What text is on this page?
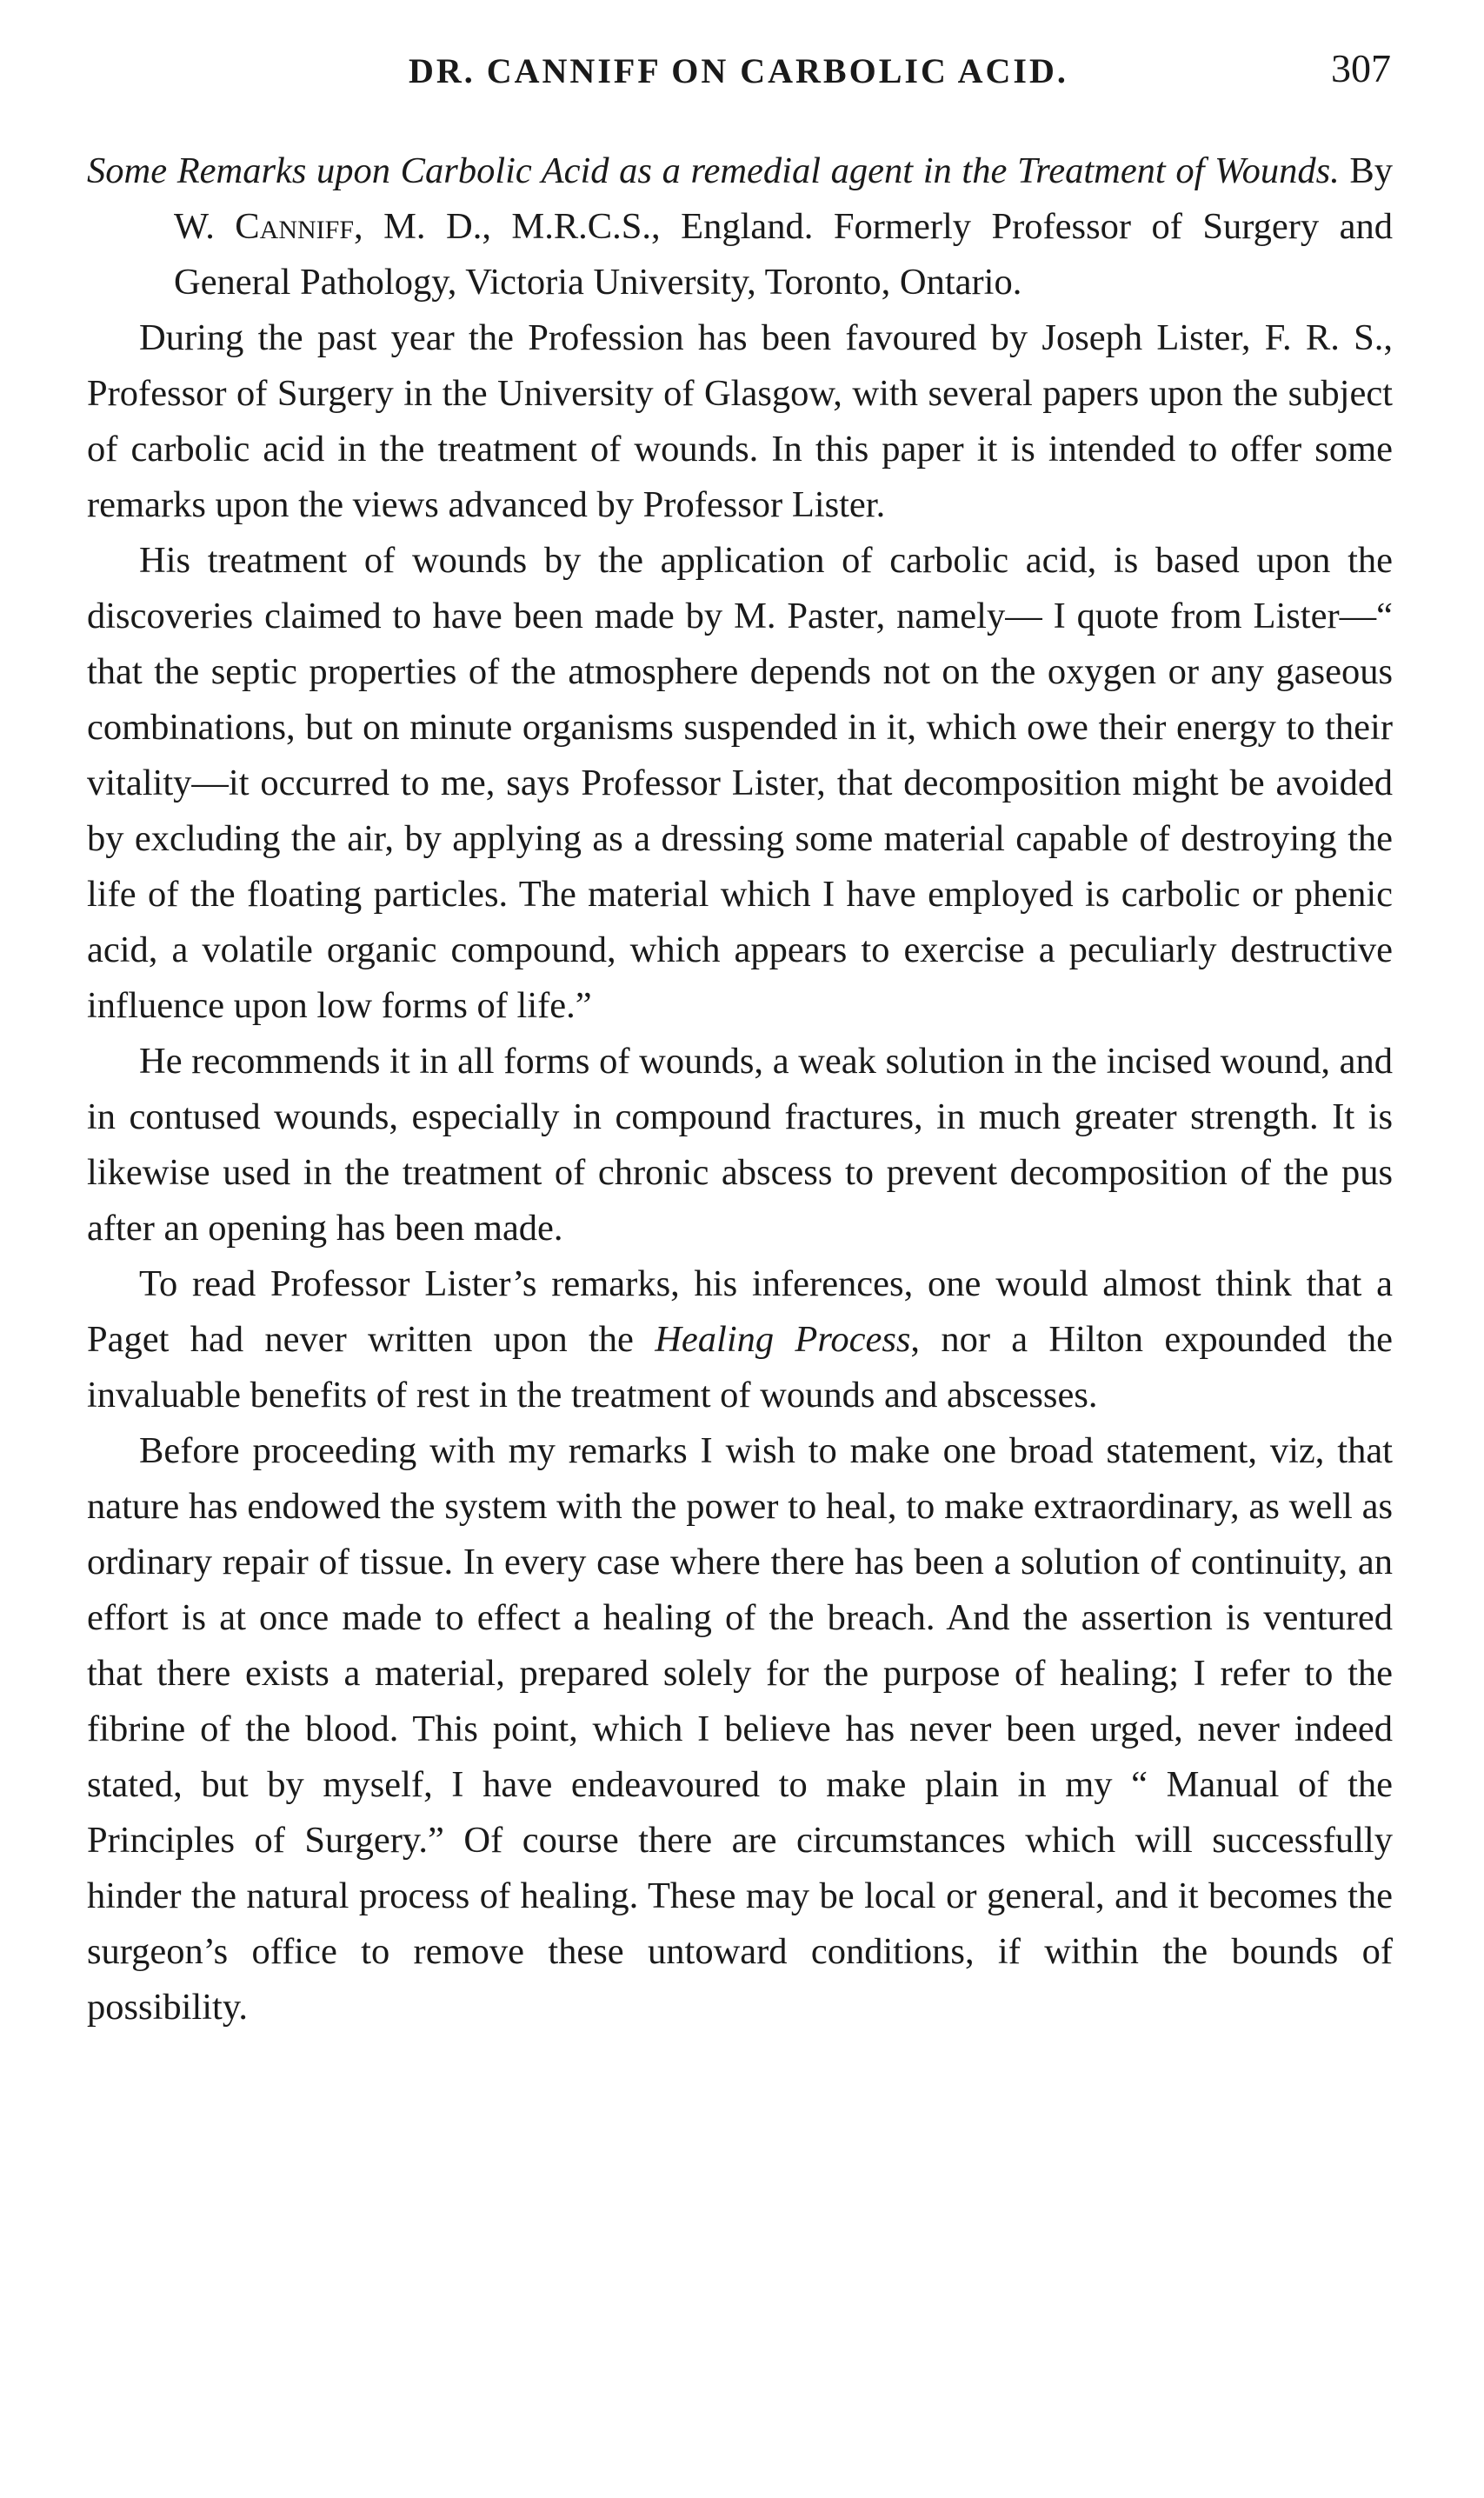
DR. CANNIFF ON CARBOLIC ACID.	307

Some Remarks upon Carbolic Acid as a remedial agent in the Treatment of Wounds. By W. Canniff, M. D., M.R.C.S., England. Formerly Professor of Surgery and General Pathology, Victoria University, Toronto, Ontario.

During the past year the Profession has been favoured by Joseph Lister, F. R. S., Professor of Surgery in the University of Glasgow, with several papers upon the subject of carbolic acid in the treatment of wounds. In this paper it is intended to offer some remarks upon the views advanced by Professor Lister.

His treatment of wounds by the application of carbolic acid, is based upon the discoveries claimed to have been made by M. Paster, namely— I quote from Lister—“ that the septic properties of the atmosphere depends not on the oxygen or any gaseous combinations, but on minute organisms suspended in it, which owe their energy to their vitality—it occurred to me, says Professor Lister, that decomposition might be avoided by excluding the air, by applying as a dressing some material capable of destroying the life of the floating particles. The material which I have employed is carbolic or phenic acid, a volatile organic compound, which appears to exercise a peculiarly destructive influence upon low forms of life.”

He recommends it in all forms of wounds, a weak solution in the incised wound, and in contused wounds, especially in compound fractures, in much greater strength. It is likewise used in the treatment of chronic abscess to prevent decomposition of the pus after an opening has been made.

To read Professor Lister’s remarks, his inferences, one would almost think that a Paget had never written upon the Healing Process, nor a Hilton expounded the invaluable benefits of rest in the treatment of wounds and abscesses.

Before proceeding with my remarks I wish to make one broad statement, viz, that nature has endowed the system with the power to heal, to make extraordinary, as well as ordinary repair of tissue. In every case where there has been a solution of continuity, an effort is at once made to effect a healing of the breach. And the assertion is ventured that there exists a material, prepared solely for the purpose of healing; I refer to the fibrine of the blood. This point, which I believe has never been urged, never indeed stated, but by myself, I have endeavoured to make plain in my “ Manual of the Principles of Surgery.” Of course there are circumstances which will successfully hinder the natural process of healing. These may be local or general, and it becomes the surgeon’s office to remove these untoward conditions, if within the bounds of possibility.
